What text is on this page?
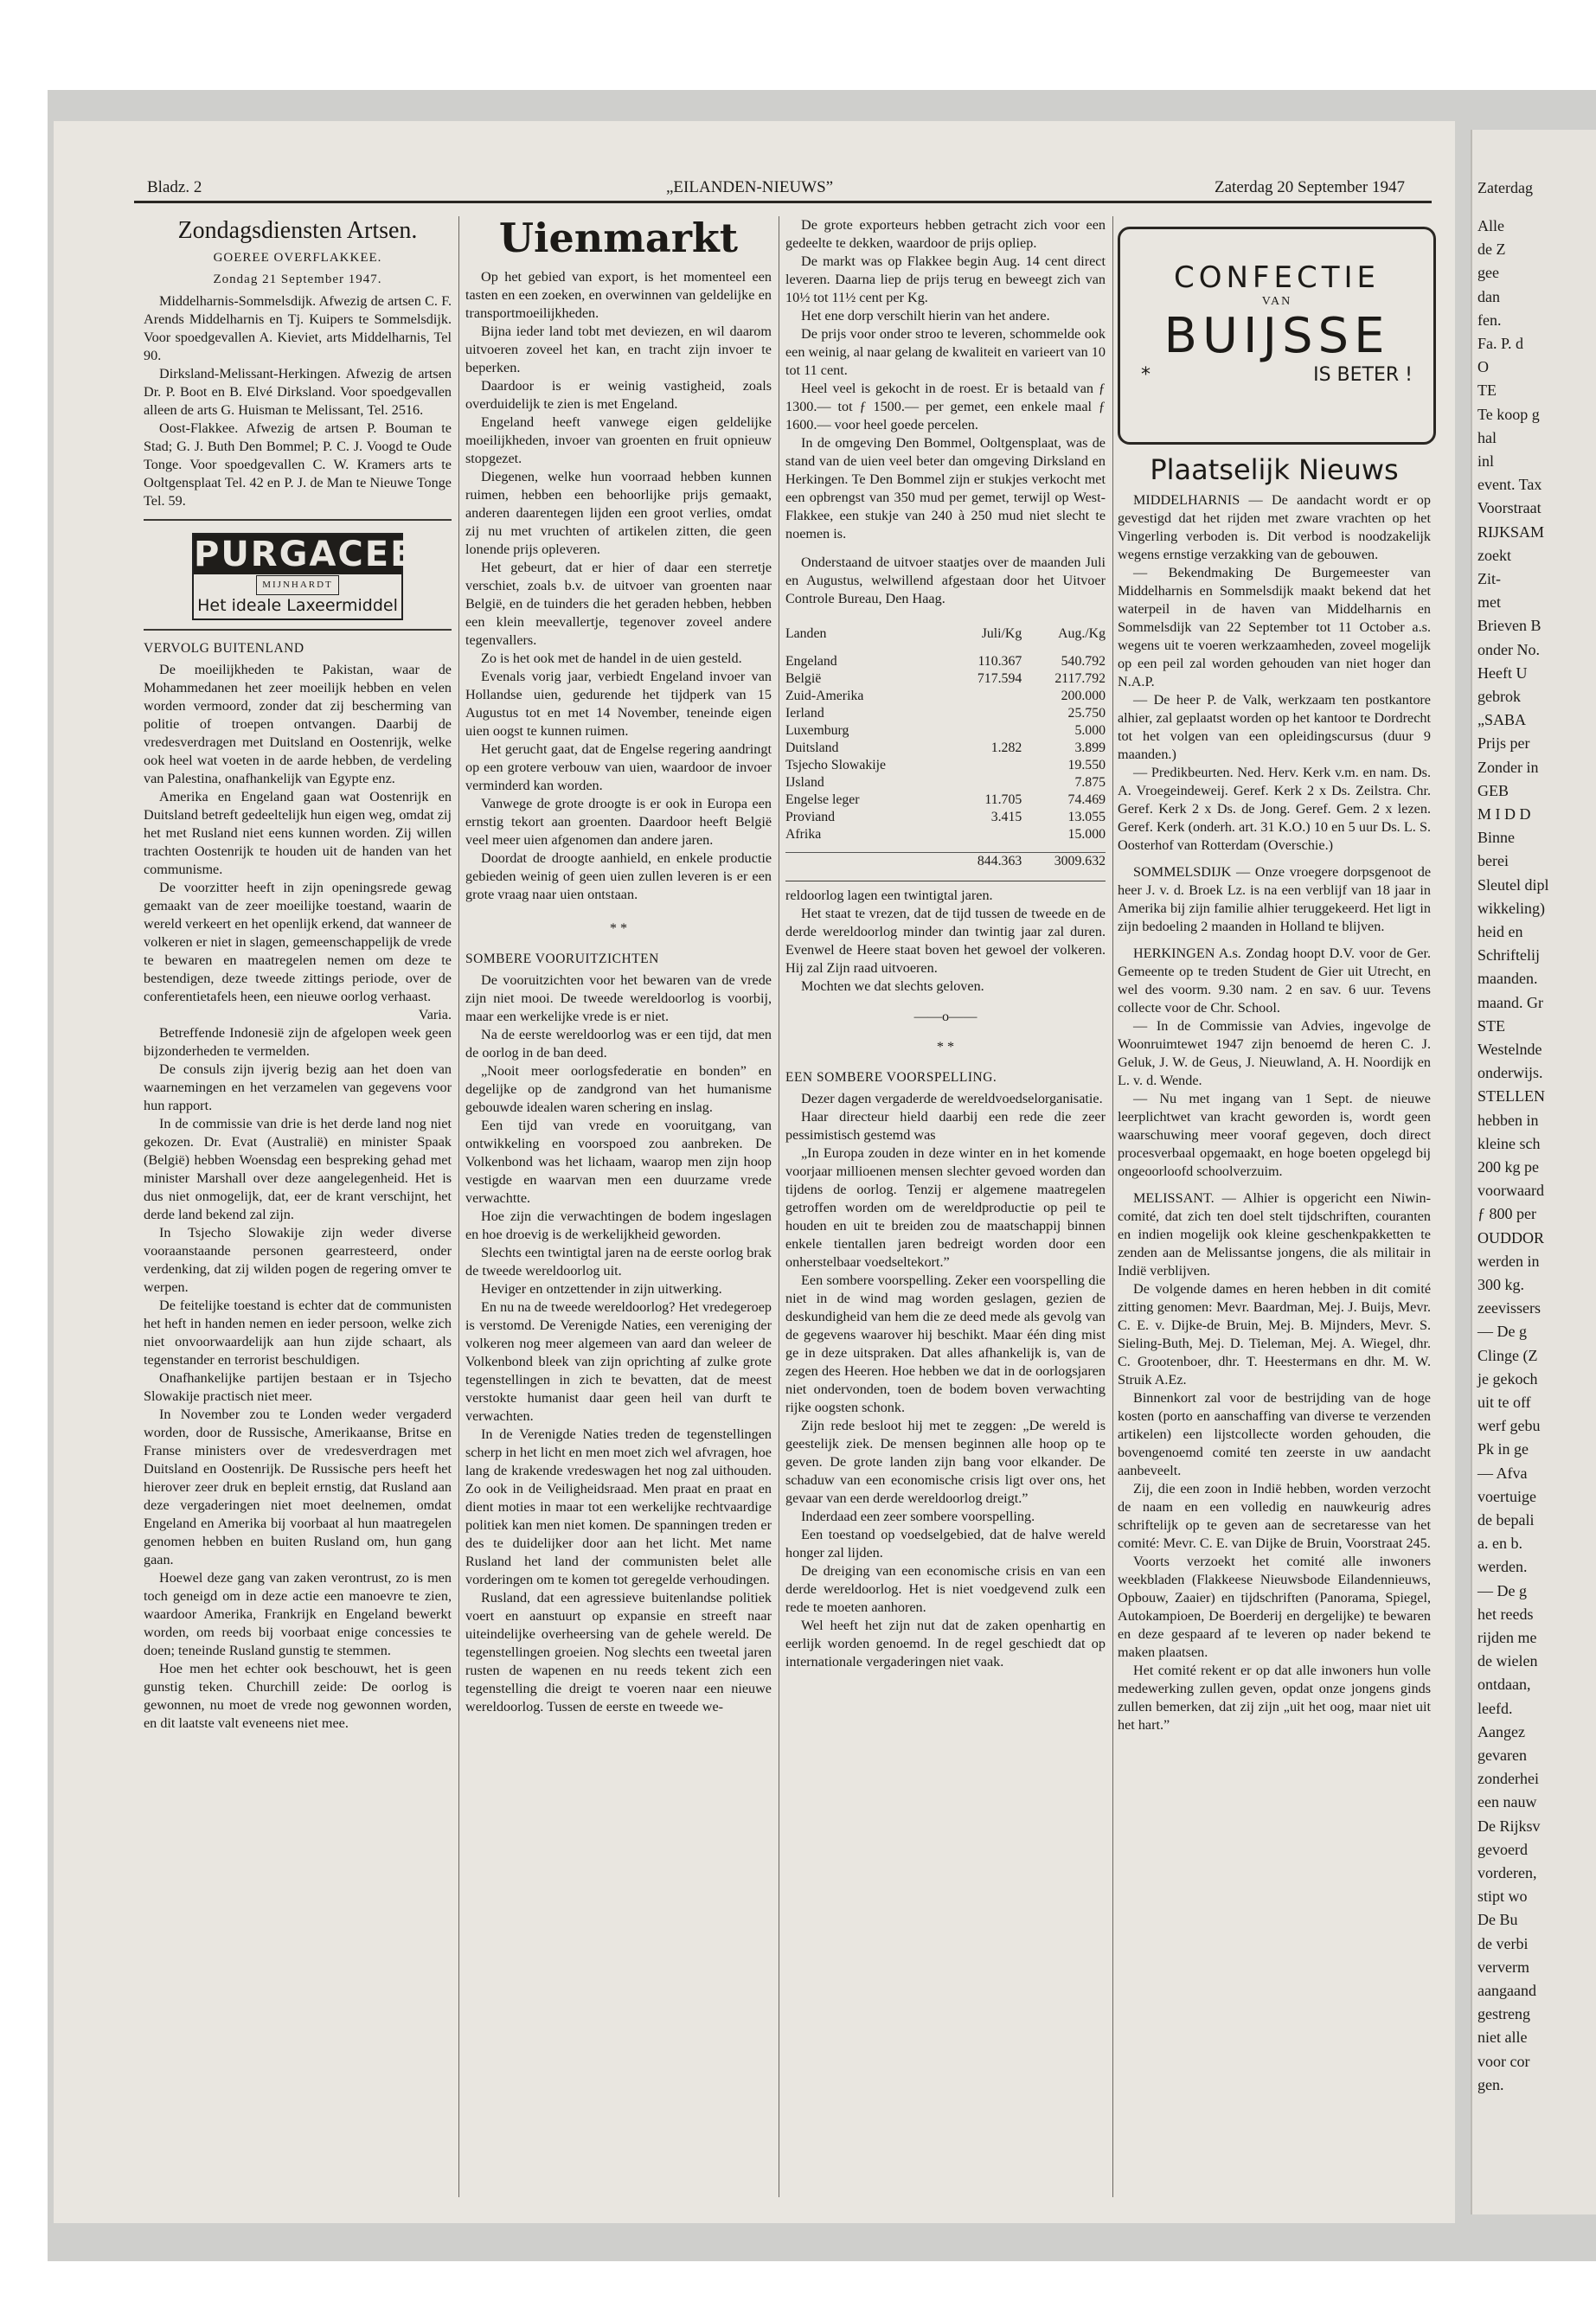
Bladz. 2	„EILANDEN-NIEUWS”	Zaterdag 20 September 1947
Zondagsdiensten Artsen.
GOEREE OVERFLAKKEE.
Zondag 21 September 1947.

Middelharnis-Sommelsdijk. Afwezig de artsen C. F. Arends Middelharnis en Tj. Kuipers te Sommelsdijk. Voor spoedgevallen A. Kieviet, arts Middelharnis, Tel 90.

Dirksland-Melissant-Herkingen. Afwezig de artsen Dr. P. Boot en B. Elvé Dirksland. Voor spoedgevallen alleen de arts G. Huisman te Melissant, Tel. 2516.

Oost-Flakkee. Afwezig de artsen P. Bouman te Stad; G. J. Buth Den Bommel; P. C. J. Voogd te Oude Tonge. Voor spoedgevallen C. W. Kramers arts te Ooltgensplaat Tel. 42 en P. J. de Man te Nieuwe Tonge Tel. 59.

PURGACEEN
MIJNHARDT
Het ideale Laxeermiddel
VERVOLG BUITENLAND

De moeilijkheden te Pakistan, waar de Mohammedanen het zeer moeilijk hebben en velen worden vermoord, zonder dat zij bescherming van politie of troepen ontvangen. Daarbij de vredesverdragen met Duitsland en Oostenrijk, welke ook heel wat voeten in de aarde hebben, de verdeling van Palestina, onafhankelijk van Egypte enz.

Amerika en Engeland gaan wat Oostenrijk en Duitsland betreft gedeeltelijk hun eigen weg, omdat zij het met Rusland niet eens kunnen worden. Zij willen trachten Oostenrijk te houden uit de handen van het communisme.

De voorzitter heeft in zijn openingsrede gewag gemaakt van de zeer moeilijke toestand, waarin de wereld verkeert en het openlijk erkend, dat wanneer de volkeren er niet in slagen, gemeenschappelijk de vrede te bewaren en maatregelen nemen om deze te bestendigen, deze tweede zittings periode, over de conferentietafels heen, een nieuwe oorlog verhaast.

Varia.

Betreffende Indonesië zijn de afgelopen week geen bijzonderheden te vermelden.

De consuls zijn ijverig bezig aan het doen van waarnemingen en het verzamelen van gegevens voor hun rapport.

In de commissie van drie is het derde land nog niet gekozen. Dr. Evat (Australië) en minister Spaak (België) hebben Woensdag een bespreking gehad met minister Marshall over deze aangelegenheid. Het is dus niet onmogelijk, dat, eer de krant verschijnt, het derde land bekend zal zijn.

In Tsjecho Slowakije zijn weder diverse vooraanstaande personen gearresteerd, onder verdenking, dat zij wilden pogen de regering omver te werpen.

De feitelijke toestand is echter dat de communisten het heft in handen nemen en ieder persoon, welke zich niet onvoorwaardelijk aan hun zijde schaart, als tegenstander en terrorist beschuldigen.

Onafhankelijke partijen bestaan er in Tsjecho Slowakije practisch niet meer.

In November zou te Londen weder vergaderd worden, door de Russische, Amerikaanse, Britse en Franse ministers over de vredesverdragen met Duitsland en Oostenrijk. De Russische pers heeft het hierover zeer druk en bepleit ernstig, dat Rusland aan deze vergaderingen niet moet deelnemen, omdat Engeland en Amerika bij voorbaat al hun maatregelen genomen hebben en buiten Rusland om, hun gang gaan.

Hoewel deze gang van zaken verontrust, zo is men toch geneigd om in deze actie een manoevre te zien, waardoor Amerika, Frankrijk en Engeland bewerkt worden, om reeds bij voorbaat enige concessies te doen; teneinde Rusland gunstig te stemmen.

Hoe men het echter ook beschouwt, het is geen gunstig teken. Churchill zeide: De oorlog is gewonnen, nu moet de vrede nog gewonnen worden, en dit laatste valt eveneens niet mee.

Uienmarkt

Op het gebied van export, is het momenteel een tasten en een zoeken, en overwinnen van geldelijke en transportmoeilijkheden.

Bijna ieder land tobt met deviezen, en wil daarom uitvoeren zoveel het kan, en tracht zijn invoer te beperken.

Daardoor is er weinig vastigheid, zoals overduidelijk te zien is met Engeland.

Engeland heeft vanwege eigen geldelijke moeilijkheden, invoer van groenten en fruit opnieuw stopgezet.

Diegenen, welke hun voorraad hebben kunnen ruimen, hebben een behoorlijke prijs gemaakt, anderen daarentegen lijden een groot verlies, omdat zij nu met vruchten of artikelen zitten, die geen lonende prijs opleveren.

Het gebeurt, dat er hier of daar een sterretje verschiet, zoals b.v. de uitvoer van groenten naar België, en de tuinders die het geraden hebben, hebben een klein meevallertje, tegenover zoveel andere tegenvallers.

Zo is het ook met de handel in de uien gesteld.

Evenals vorig jaar, verbiedt Engeland invoer van Hollandse uien, gedurende het tijdperk van 15 Augustus tot en met 14 November, teneinde eigen uien oogst te kunnen ruimen.

Het gerucht gaat, dat de Engelse regering aandringt op een grotere verbouw van uien, waardoor de invoer verminderd kan worden.

Vanwege de grote droogte is er ook in Europa een ernstig tekort aan groenten. Daardoor heeft België veel meer uien afgenomen dan andere jaren.

Doordat de droogte aanhield, en enkele productie gebieden weinig of geen uien zullen leveren is er een grote vraag naar uien ontstaan.

* *

SOMBERE VOORUITZICHTEN

De vooruitzichten voor het bewaren van de vrede zijn niet mooi. De tweede wereldoorlog is voorbij, maar een werkelijke vrede is er niet.

Na de eerste wereldoorlog was er een tijd, dat men de oorlog in de ban deed.

„Nooit meer oorlogsfederatie en bonden” en degelijke op de zandgrond van het humanisme gebouwde idealen waren schering en inslag.

Een tijd van vrede en vooruitgang, van ontwikkeling en voorspoed zou aanbreken. De Volkenbond was het lichaam, waarop men zijn hoop vestigde en waarvan men een duurzame vrede verwachtte.

Hoe zijn die verwachtingen de bodem ingeslagen en hoe droevig is de werkelijkheid geworden.

Slechts een twintigtal jaren na de eerste oorlog brak de tweede wereldoorlog uit.

Heviger en ontzettender in zijn uitwerking.

En nu na de tweede wereldoorlog? Het vredegeroep is verstomd. De Verenigde Naties, een vereniging der volkeren nog meer algemeen van aard dan weleer de Volkenbond bleek van zijn oprichting af zulke grote tegenstellingen in zich te bevatten, dat de meest verstokte humanist daar geen heil van durft te verwachten.

In de Verenigde Naties treden de tegenstellingen scherp in het licht en men moet zich wel afvragen, hoe lang de krakende vredeswagen het nog zal uithouden. Zo ook in de Veiligheidsraad. Men praat en praat en dient moties in maar tot een werkelijke rechtvaardige politiek kan men niet komen. De spanningen treden er des te duidelijker door aan het licht. Met name Rusland het land der communisten belet alle vorderingen om te komen tot geregelde verhoudingen.

Rusland, dat een agressieve buitenlandse politiek voert en aanstuurt op expansie en streeft naar uiteindelijke overheersing van de gehele wereld. De tegenstellingen groeien. Nog slechts een tweetal jaren rusten de wapenen en nu reeds tekent zich een tegenstelling die dreigt te voeren naar een nieuwe wereldoorlog. Tussen de eerste en tweede we-

De grote exporteurs hebben getracht zich voor een gedeelte te dekken, waardoor de prijs opliep.

De markt was op Flakkee begin Aug. 14 cent direct leveren. Daarna liep de prijs terug en beweegt zich van 10½ tot 11½ cent per Kg.

Het ene dorp verschilt hierin van het andere.

De prijs voor onder stroo te leveren, schommelde ook een weinig, al naar gelang de kwaliteit en varieert van 10 tot 11 cent.

Heel veel is gekocht in de roest. Er is betaald van ƒ 1300.— tot ƒ 1500.— per gemet, een enkele maal ƒ 1600.— voor heel goede percelen.

In de omgeving Den Bommel, Ooltgensplaat, was de stand van de uien veel beter dan omgeving Dirksland en Herkingen. Te Den Bommel zijn er stukjes verkocht met een opbrengst van 350 mud per gemet, terwijl op West-Flakkee, een stukje van 240 à 250 mud niet slecht te noemen is.

Onderstaand de uitvoer staatjes over de maanden Juli en Augustus, welwillend afgestaan door het Uitvoer Controle Bureau, Den Haag.

Landen	Juli/Kg	Aug./Kg

Engeland	110.367	540.792
België	717.594	2117.792
Zuid-Amerika		200.000
Ierland		25.750
Luxemburg		5.000
Duitsland	1.282	3.899
Tsjecho Slowakije		19.550
IJsland		7.875
Engelse leger	11.705	74.469
Proviand	3.415	13.055
Afrika		15.000

	844.363	3009.632

reldoorlog lagen een twintigtal jaren.

Het staat te vrezen, dat de tijd tussen de tweede en de derde wereldoorlog minder dan twintig jaar zal duren. Evenwel de Heere staat boven het gewoel der volkeren. Hij zal Zijn raad uitvoeren.

Mochten we dat slechts geloven.

——o——

* *

EEN SOMBERE VOORSPELLING.

Dezer dagen vergaderde de wereldvoedselorganisatie.

Haar directeur hield daarbij een rede die zeer pessimistisch gestemd was

„In Europa zouden in deze winter en in het komende voorjaar millioenen mensen slechter gevoed worden dan tijdens de oorlog. Tenzij er algemene maatregelen getroffen worden om de wereldproductie op peil te houden en uit te breiden zou de maatschappij binnen enkele tientallen jaren bedreigt worden door een onherstelbaar voedseltekort.”

Een sombere voorspelling. Zeker een voorspelling die niet in de wind mag worden geslagen, gezien de deskundigheid van hem die ze deed mede als gevolg van de gegevens waarover hij beschikt. Maar één ding mist ge in deze uitspraken. Dat alles afhankelijk is, van de zegen des Heeren. Hoe hebben we dat in de oorlogsjaren niet ondervonden, toen de bodem boven verwachting rijke oogsten schonk.

Zijn rede besloot hij met te zeggen: „De wereld is geestelijk ziek. De mensen beginnen alle hoop op te geven. De grote landen zijn bang voor elkander. De schaduw van een economische crisis ligt over ons, het gevaar van een derde wereldoorlog dreigt.”

Inderdaad een zeer sombere voorspelling.

Een toestand op voedselgebied, dat de halve wereld honger zal lijden.

De dreiging van een economische crisis en van een derde wereldoorlog. Het is niet voedgevend zulk een rede te moeten aanhoren.

Wel heeft het zijn nut dat de zaken openhartig en eerlijk worden genoemd. In de regel geschiedt dat op internationale vergaderingen niet vaak.

CONFECTIE
VAN
BUIJSSE
*	IS BETER !
Plaatselijk Nieuws

MIDDELHARNIS — De aandacht wordt er op gevestigd dat het rijden met zware vrachten op het Vingerling verboden is. Dit verbod is noodzakelijk wegens ernstige verzakking van de gebouwen.

— Bekendmaking De Burgemeester van Middelharnis en Sommelsdijk maakt bekend dat het waterpeil in de haven van Middelharnis en Sommelsdijk van 22 September tot 11 October a.s. wegens uit te voeren werkzaamheden, zoveel mogelijk op een peil zal worden gehouden van niet hoger dan N.A.P.

— De heer P. de Valk, werkzaam ten postkantore alhier, zal geplaatst worden op het kantoor te Dordrecht tot het volgen van een opleidingscursus (duur 9 maanden.)

— Predikbeurten. Ned. Herv. Kerk v.m. en nam. Ds. A. Vroegeindeweij. Geref. Kerk 2 x Ds. Zeilstra. Chr. Geref. Kerk 2 x Ds. de Jong. Geref. Gem. 2 x lezen. Geref. Kerk (onderh. art. 31 K.O.) 10 en 5 uur Ds. L. S. Oosterhof van Rotterdam (Overschie.)

SOMMELSDIJK — Onze vroegere dorpsgenoot de heer J. v. d. Broek Lz. is na een verblijf van 18 jaar in Amerika bij zijn familie alhier teruggekeerd. Het ligt in zijn bedoeling 2 maanden in Holland te blijven.

HERKINGEN A.s. Zondag hoopt D.V. voor de Ger. Gemeente op te treden Student de Gier uit Utrecht, en wel des voorm. 9.30 nam. 2 en sav. 6 uur. Tevens collecte voor de Chr. School.

— In de Commissie van Advies, ingevolge de Woonruimtewet 1947 zijn benoemd de heren C. J. Geluk, J. W. de Geus, J. Nieuwland, A. H. Noordijk en L. v. d. Wende.

— Nu met ingang van 1 Sept. de nieuwe leerplichtwet van kracht geworden is, wordt geen waarschuwing meer vooraf gegeven, doch direct procesverbaal opgemaakt, en hoge boeten opgelegd bij ongeoorloofd schoolverzuim.

MELISSANT. — Alhier is opgericht een Niwin-comité, dat zich ten doel stelt tijdschriften, couranten en indien mogelijk ook kleine geschenkpakketten te zenden aan de Melissantse jongens, die als militair in Indië verblijven.

De volgende dames en heren hebben in dit comité zitting genomen: Mevr. Baardman, Mej. J. Buijs, Mevr. C. E. v. Dijke-de Bruin, Mej. B. Mijnders, Mevr. S. Sieling-Buth, Mej. D. Tieleman, Mej. A. Wiegel, dhr. C. Grootenboer, dhr. T. Heestermans en dhr. M. W. Struik A.Ez.

Binnenkort zal voor de bestrijding van de hoge kosten (porto en aanschaffing van diverse te verzenden artikelen) een lijstcollecte worden gehouden, die bovengenoemd comité ten zeerste in uw aandacht aanbeveelt.

Zij, die een zoon in Indië hebben, worden verzocht de naam en een volledig en nauwkeurig adres schriftelijk op te geven aan de secretaresse van het comité: Mevr. C. E. van Dijke de Bruin, Voorstraat 245.

Voorts verzoekt het comité alle inwoners weekbladen (Flakkeese Nieuwsbode Eilandennieuws, Opbouw, Zaaier) en tijdschriften (Panorama, Spiegel, Autokampioen, De Boerderij en dergelijke) te bewaren en deze gespaard af te leveren op nader bekend te maken plaatsen.

Het comité rekent er op dat alle inwoners hun volle medewerking zullen geven, opdat onze jongens ginds zullen bemerken, dat zij zijn „uit het oog, maar niet uit het hart.”

Zaterdag
Alle
de Z
gee
dan
fen.
Fa. P. d
O
TE
Te koop g
hal
inl
event. Tax
Voorstraat
RIJKSAM
zoekt
Zit-
met
Brieven B
onder No.
Heeft U
gebrok
„SABA
Prijs per
Zonder in
GEB
M I D D
Binne
berei
Sleutel dipl
wikkeling)
heid en
Schriftelij
maanden.
maand. Gr
STE
Westelnde
onderwijs.
STELLEN
hebben in
kleine sch
200 kg pe
voorwaard
ƒ 800 per
OUDDOR
werden in
300 kg.
zeevissers
— De g
Clinge (Z
je gekoch
uit te off
werf gebu
Pk in ge
— Afva
voertuige
de bepali
a. en b.
werden.
— De g
het reeds
rijden me
de wielen
ontdaan,
leefd.
Aangez
gevaren
zonderhei
een nauw
De Rijksv
gevoerd
vorderen,
stipt wo
De Bu
de verbi
ververm
aangaand
gestreng
niet alle
voor cor
gen.
